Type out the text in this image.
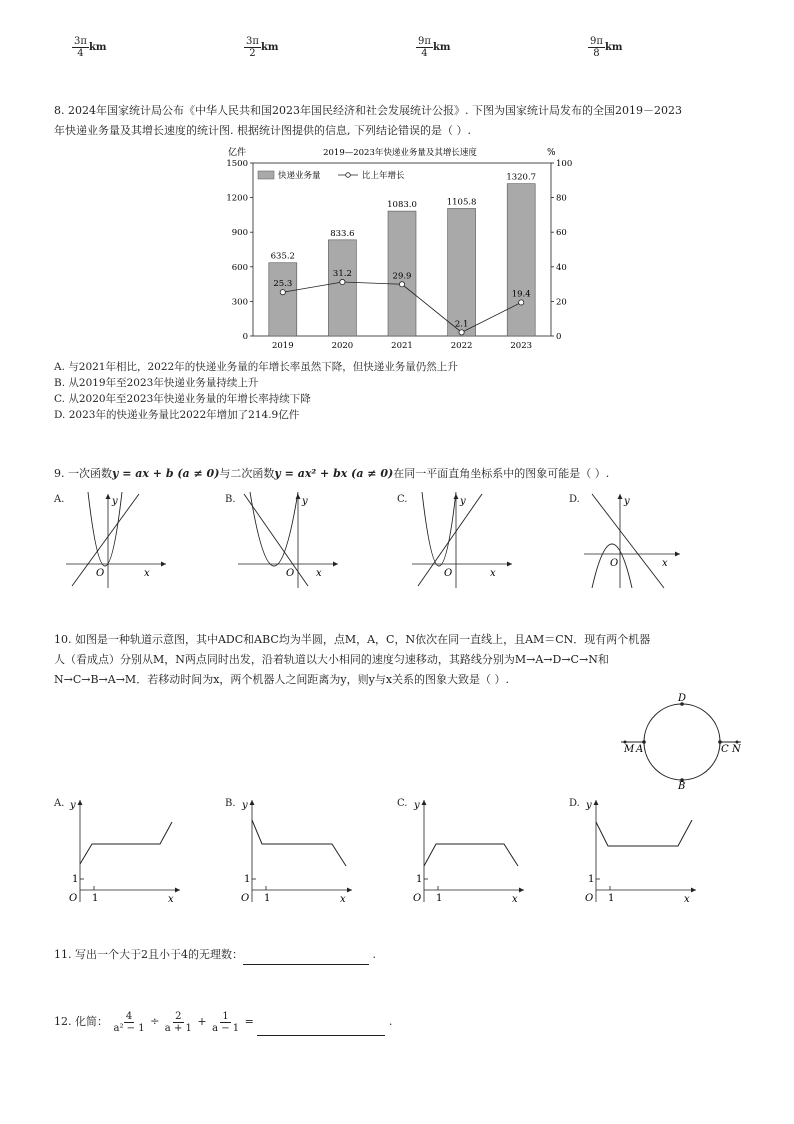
$\frac{3\pi}{4}$ km	$\frac{3\pi}{2}$ km	$\frac{9\pi}{4}$ km	$\frac{9\pi}{8}$ km
8. 2024年国家统计局公布《中华人民共和国2023年国民经济和社会发展统计公报》. 下图为国家统计局发布的全国2019－2023
年快递业务量及其增长速度的统计图. 根据统计图提供的信息, 下列结论错误的是（ ）.
亿件	%
2019—2023年快递业务量及其增长速度
0
300
600
900
1200
1500
0
20
40
60
80
100
635.2
833.6
1083.0	1105.8
1320.7
2019	2020	2021	2022	2023
25.3
31.2	29.9
2.1
19.4
快递业务量	比上年增长
A. 与2021年相比，2022年的快递业务量的年增长率虽然下降，但快递业务量仍然上升
B. 从2019年至2023年快递业务量持续上升
C. 从2020年至2023年快递业务量的年增长率持续下降
D. 2023年的快递业务量比2022年增加了214.9亿件
9. 一次函数y = ax + b (a ≠ 0)与二次函数y = ax² + bx (a ≠ 0)在同一平面直角坐标系中的图象可能是（ ）.
A.
O	x
y	B.
O x
y	C.
O	x
y	D.
O	x
y
10. 如图是一种轨道示意图，其中ADC和ABC均为半圆，点M，A，C，N依次在同一直线上，且AM＝CN．现有两个机器
人（看成点）分别从M，N两点同时出发，沿着轨道以大小相同的速度匀速移动，其路线分别为M→A→D→C→N和
N→C→B→A→M．若移动时间为x，两个机器人之间距离为y，则y与x关系的图象大致是（ ）.
D
B
M A	C N
A.
1
1
O	x
y	B.
1
1
O	x
y	C.
1
1
O	x
y	D.
1
1
O	x
y
11. 写出一个大于2且小于4的无理数：	.
12. 化简： $\frac{4}{\text{a² − 1}} \div \frac{2}{a + 1} + \frac{1}{a - 1}$ =	.
